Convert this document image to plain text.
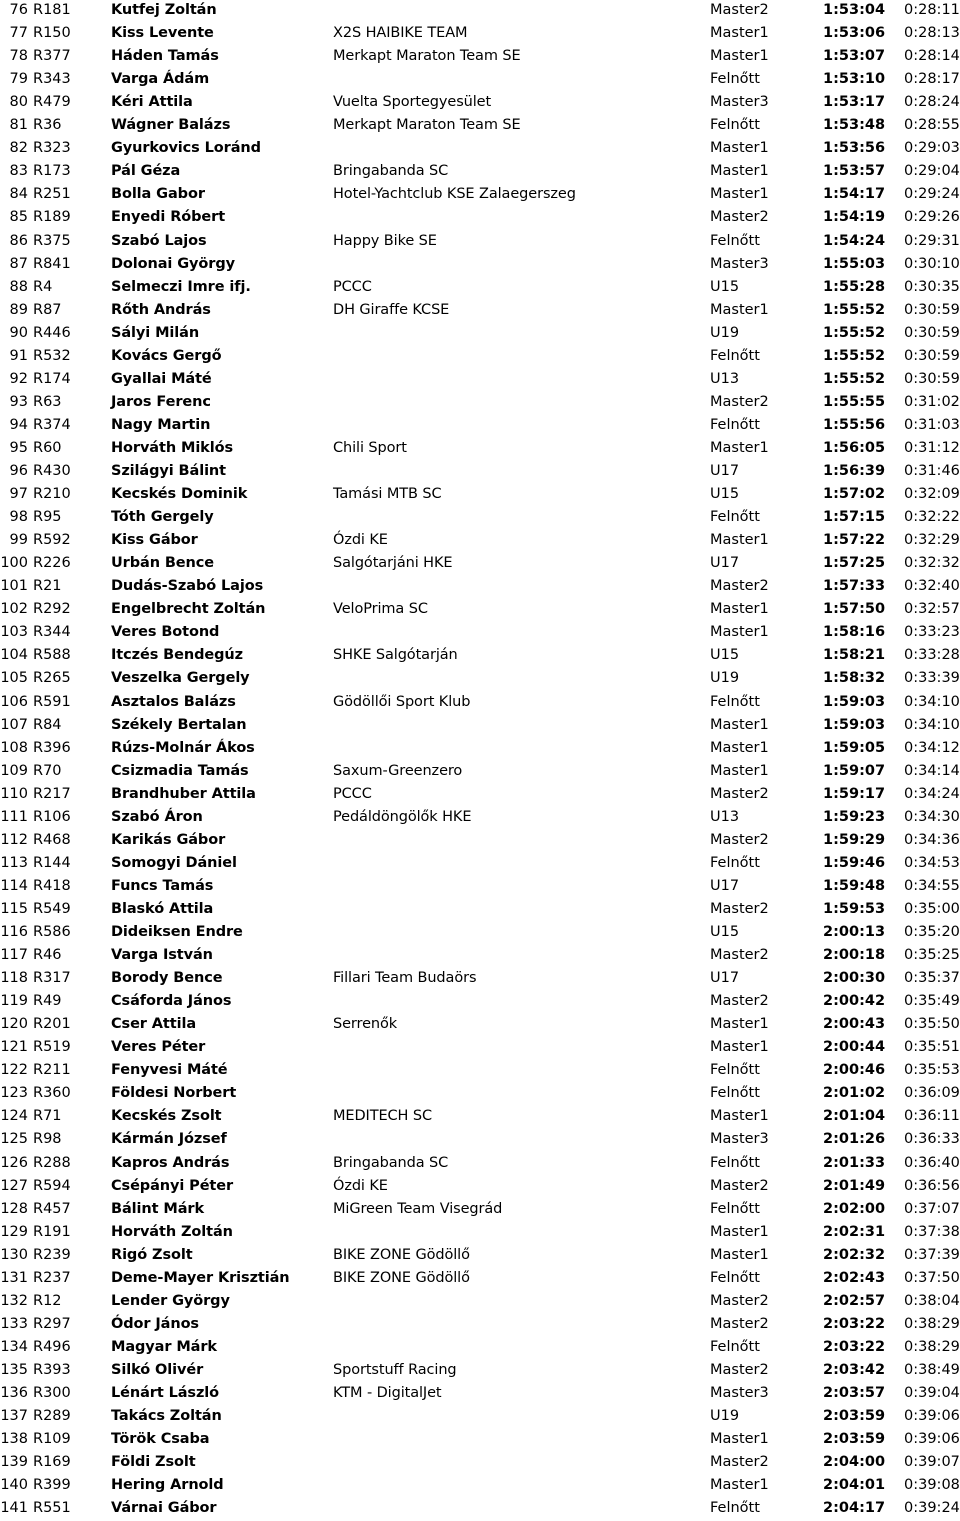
76 R181	Kutfej Zoltán	Master2	1:53:04 0:28:11
77 R150	Kiss Levente	X2S HAIBIKE TEAM	Master1	1:53:06 0:28:13
78 R377	Háden Tamás	Merkapt Maraton Team SE	Master1	1:53:07 0:28:14
79 R343	Varga Ádám	Felnőtt	1:53:10 0:28:17
80 R479	Kéri Attila	Vuelta Sportegyesület	Master3	1:53:17 0:28:24
81 R36	Wágner Balázs	Merkapt Maraton Team SE	Felnőtt	1:53:48 0:28:55
82 R323	Gyurkovics Loránd	Master1	1:53:56 0:29:03
83 R173	Pál Géza	Bringabanda SC	Master1	1:53:57 0:29:04
84 R251	Bolla Gabor	Hotel-Yachtclub KSE Zalaegerszeg	Master1	1:54:17 0:29:24
85 R189	Enyedi Róbert	Master2	1:54:19 0:29:26
86 R375	Szabó Lajos	Happy Bike SE	Felnőtt	1:54:24 0:29:31
87 R841	Dolonai György	Master3	1:55:03 0:30:10
88 R4	Selmeczi Imre ifj.	PCCC	U15	1:55:28 0:30:35
89 R87	Rőth András	DH Giraffe KCSE	Master1	1:55:52 0:30:59
90 R446	Sályi Milán	U19	1:55:52 0:30:59
91 R532	Kovács Gergő	Felnőtt	1:55:52 0:30:59
92 R174	Gyallai Máté	U13	1:55:52 0:30:59
93 R63	Jaros Ferenc	Master2	1:55:55 0:31:02
94 R374	Nagy Martin	Felnőtt	1:55:56 0:31:03
95 R60	Horváth Miklós	Chili Sport	Master1	1:56:05 0:31:12
96 R430	Szilágyi Bálint	U17	1:56:39 0:31:46
97 R210	Kecskés Dominik	Tamási MTB SC	U15	1:57:02 0:32:09
98 R95	Tóth Gergely	Felnőtt	1:57:15 0:32:22
99 R592	Kiss Gábor	Ózdi KE	Master1	1:57:22 0:32:29
100 R226	Urbán Bence	Salgótarjáni HKE	U17	1:57:25 0:32:32
101 R21	Dudás-Szabó Lajos	Master2	1:57:33 0:32:40
102 R292	Engelbrecht Zoltán	VeloPrima SC	Master1	1:57:50 0:32:57
103 R344	Veres Botond	Master1	1:58:16 0:33:23
104 R588	Itczés Bendegúz	SHKE Salgótarján	U15	1:58:21 0:33:28
105 R265	Veszelka Gergely	U19	1:58:32 0:33:39
106 R591	Asztalos Balázs	Gödöllői Sport Klub	Felnőtt	1:59:03 0:34:10
107 R84	Székely Bertalan	Master1	1:59:03 0:34:10
108 R396	Rúzs-Molnár Ákos	Master1	1:59:05 0:34:12
109 R70	Csizmadia Tamás	Saxum-Greenzero	Master1	1:59:07 0:34:14
110 R217	Brandhuber Attila	PCCC	Master2	1:59:17 0:34:24
111 R106	Szabó Áron	Pedáldöngölők HKE	U13	1:59:23 0:34:30
112 R468	Karikás Gábor	Master2	1:59:29 0:34:36
113 R144	Somogyi Dániel	Felnőtt	1:59:46 0:34:53
114 R418	Funcs Tamás	U17	1:59:48 0:34:55
115 R549	Blaskó Attila	Master2	1:59:53 0:35:00
116 R586	Dideiksen Endre	U15	2:00:13 0:35:20
117 R46	Varga István	Master2	2:00:18 0:35:25
118 R317	Borody Bence	Fillari Team Budaörs	U17	2:00:30 0:35:37
119 R49	Csáforda János	Master2	2:00:42 0:35:49
120 R201	Cser Attila	Serrenők	Master1	2:00:43 0:35:50
121 R519	Veres Péter	Master1	2:00:44 0:35:51
122 R211	Fenyvesi Máté	Felnőtt	2:00:46 0:35:53
123 R360	Földesi Norbert	Felnőtt	2:01:02 0:36:09
124 R71	Kecskés Zsolt	MEDITECH SC	Master1	2:01:04 0:36:11
125 R98	Kármán József	Master3	2:01:26 0:36:33
126 R288	Kapros András	Bringabanda SC	Felnőtt	2:01:33 0:36:40
127 R594	Csépányi Péter	Ózdi KE	Master2	2:01:49 0:36:56
128 R457	Bálint Márk	MiGreen Team Visegrád	Felnőtt	2:02:00 0:37:07
129 R191	Horváth Zoltán	Master1	2:02:31 0:37:38
130 R239	Rigó Zsolt	BIKE ZONE Gödöllő	Master1	2:02:32 0:37:39
131 R237	Deme-Mayer Krisztián	BIKE ZONE Gödöllő	Felnőtt	2:02:43 0:37:50
132 R12	Lender György	Master2	2:02:57 0:38:04
133 R297	Ódor János	Master2	2:03:22 0:38:29
134 R496	Magyar Márk	Felnőtt	2:03:22 0:38:29
135 R393	Silkó Olivér	Sportstuff Racing	Master2	2:03:42 0:38:49
136 R300	Lénárt László	KTM - DigitalJet	Master3	2:03:57 0:39:04
137 R289	Takács Zoltán	U19	2:03:59 0:39:06
138 R109	Török Csaba	Master1	2:03:59 0:39:06
139 R169	Földi Zsolt	Master2	2:04:00 0:39:07
140 R399	Hering Arnold	Master1	2:04:01 0:39:08
141 R551	Várnai Gábor	Felnőtt	2:04:17 0:39:24
